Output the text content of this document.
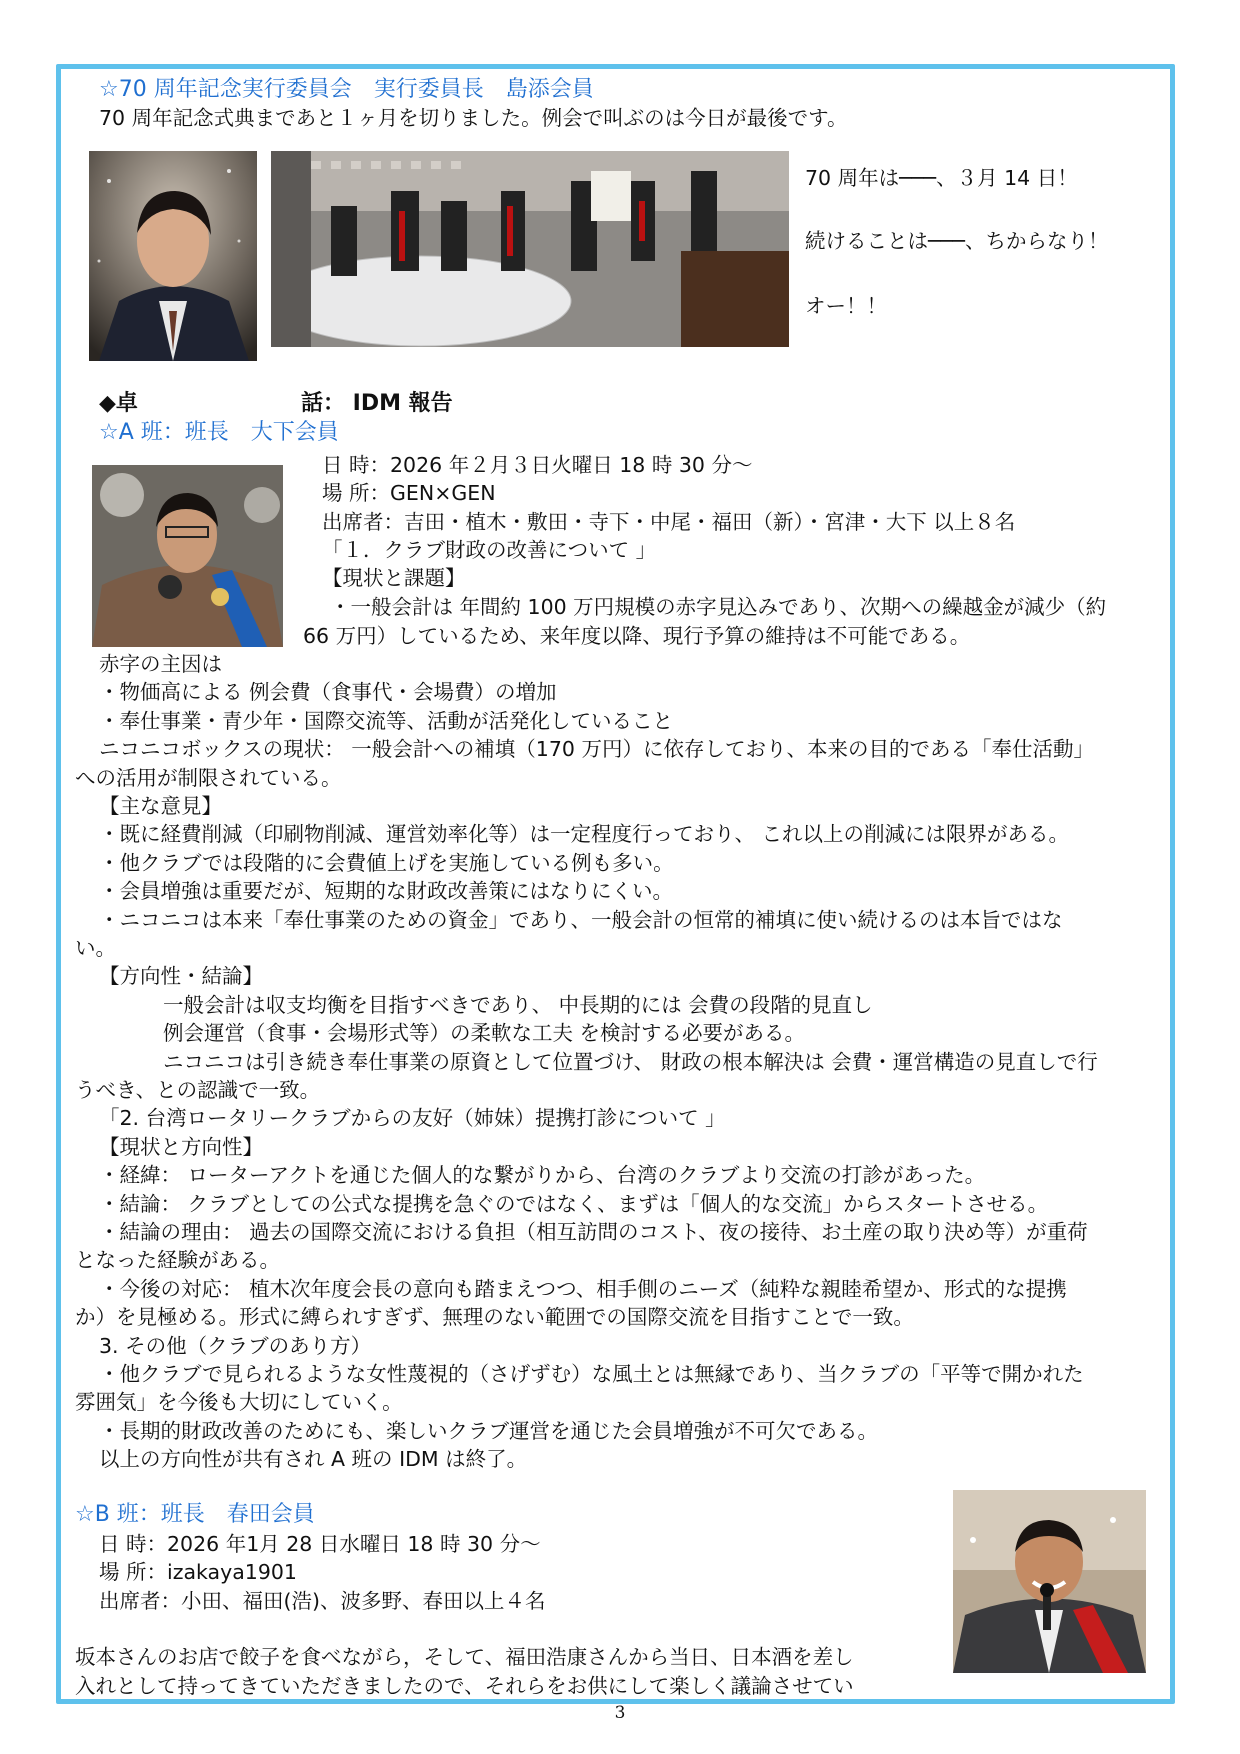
☆70 周年記念実行委員会　実行委員長　島添会員
70 周年記念式典まであと１ヶ月を切りました。例会で叫ぶのは今日が最後です。
70 周年は───、３月 14 日！
続けることは───、ちからなり！
オー！！
◆卓	話： IDM 報告
☆A 班：班長　大下会員
日 時：2026 年２月３日火曜日 18 時 30 分～
場 所：GEN×GEN
出席者：吉田・植木・敷田・寺下・中尾・福田（新）・宮津・大下 以上８名
「１．クラブ財政の改善について 」
【現状と課題】
・一般会計は 年間約 100 万円規模の赤字見込みであり、次期への繰越金が減少（約
66 万円）しているため、来年度以降、現行予算の維持は不可能である。
赤字の主因は
・物価高による 例会費（食事代・会場費）の増加
・奉仕事業・青少年・国際交流等、活動が活発化していること
ニコニコボックスの現状： 一般会計への補填（170 万円）に依存しており、本来の目的である「奉仕活動」
への活用が制限されている。
【主な意見】
・既に経費削減（印刷物削減、運営効率化等）は一定程度行っており、 これ以上の削減には限界がある。
・他クラブでは段階的に会費値上げを実施している例も多い。
・会員増強は重要だが、短期的な財政改善策にはなりにくい。
・ニコニコは本来「奉仕事業のための資金」であり、一般会計の恒常的補填に使い続けるのは本旨ではな
い。
【方向性・結論】
一般会計は収支均衡を目指すべきであり、 中長期的には 会費の段階的見直し
例会運営（食事・会場形式等）の柔軟な工夫 を検討する必要がある。
ニコニコは引き続き奉仕事業の原資として位置づけ、 財政の根本解決は 会費・運営構造の見直しで行
うべき、との認識で一致。
「2. 台湾ロータリークラブからの友好（姉妹）提携打診について 」
【現状と方向性】
・経緯： ローターアクトを通じた個人的な繋がりから、台湾のクラブより交流の打診があった。
・結論： クラブとしての公式な提携を急ぐのではなく、まずは「個人的な交流」からスタートさせる。
・結論の理由： 過去の国際交流における負担（相互訪問のコスト、夜の接待、お土産の取り決め等）が重荷
となった経験がある。
・今後の対応： 植木次年度会長の意向も踏まえつつ、相手側のニーズ（純粋な親睦希望か、形式的な提携
か）を見極める。形式に縛られすぎず、無理のない範囲での国際交流を目指すことで一致。
3. その他（クラブのあり方）
・他クラブで見られるような女性蔑視的（さげずむ）な風土とは無縁であり、当クラブの「平等で開かれた
雰囲気」を今後も大切にしていく。
・長期的財政改善のためにも、楽しいクラブ運営を通じた会員増強が不可欠である。
以上の方向性が共有され A 班の IDM は終了。
☆B 班：班長　春田会員
日 時：2026 年1月 28 日水曜日 18 時 30 分～
場 所：izakaya1901
出席者：小田、福田(浩)、波多野、春田以上４名
坂本さんのお店で餃子を食べながら，そして、福田浩康さんから当日、日本酒を差し
入れとして持ってきていただきましたので、それらをお供にして楽しく議論させてい
3
